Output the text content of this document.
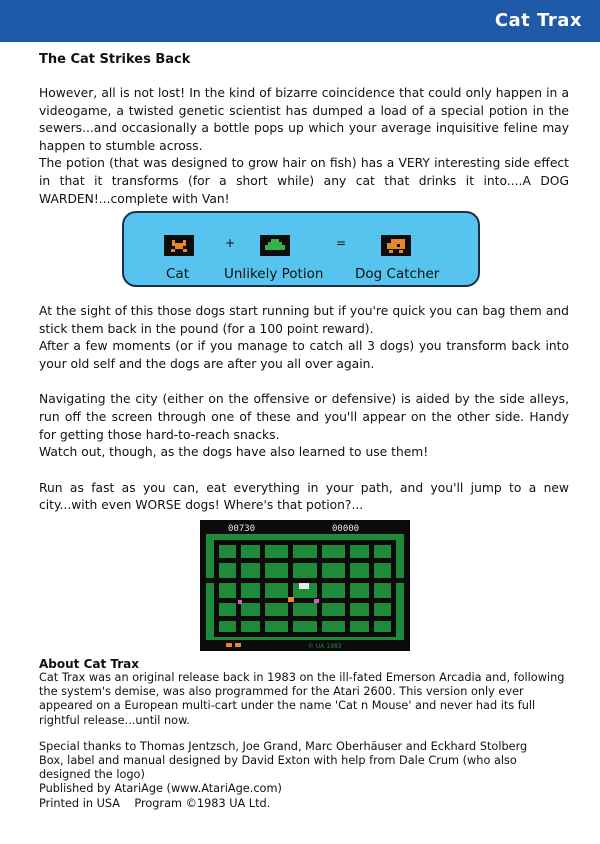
Cat Trax

The Cat Strikes Back

However, all is not lost! In the kind of bizarre coincidence that could only happen in a videogame, a twisted genetic scientist has dumped a load of a special potion in the sewers...and occasionally a bottle pops up which your average inquisitive feline may happen to stumble across.

The potion (that was designed to grow hair on fish) has a VERY interesting side effect in that it transforms (for a short while) any cat that drinks it into....A DOG WARDEN!...complete with Van!

+	=
Cat	Unlikely Potion Dog Catcher

At the sight of this those dogs start running but if you're quick you can bag them and stick them back in the pound (for a 100 point reward).

After a few moments (or if you manage to catch all 3 dogs) you transform back into your old self and the dogs are after you all over again.

Navigating the city (either on the offensive or defensive) is aided by the side alleys, run off the screen through one of these and you'll appear on the other side. Handy for getting those hard-to-reach snacks.

Watch out, though, as the dogs have also learned to use them!

Run as fast as you can, eat everything in your path, and you'll jump to a new city...with even WORSE dogs! Where's that potion?...

00730	00000
© UA 1983

About Cat Trax

Cat Trax was an original release back in 1983 on the ill-fated Emerson Arcadia and, following the system's demise, was also programmed for the Atari 2600. This version only ever appeared on a European multi-cart under the name 'Cat n Mouse' and never had its full rightful release...until now.

Special thanks to Thomas Jentzsch, Joe Grand, Marc Oberhäuser and Eckhard Stolberg

Box, label and manual designed by David Exton with help from Dale Crum (who also designed the logo)

Published by AtariAge (www.AtariAge.com)

Printed in USA    Program ©1983 UA Ltd.
